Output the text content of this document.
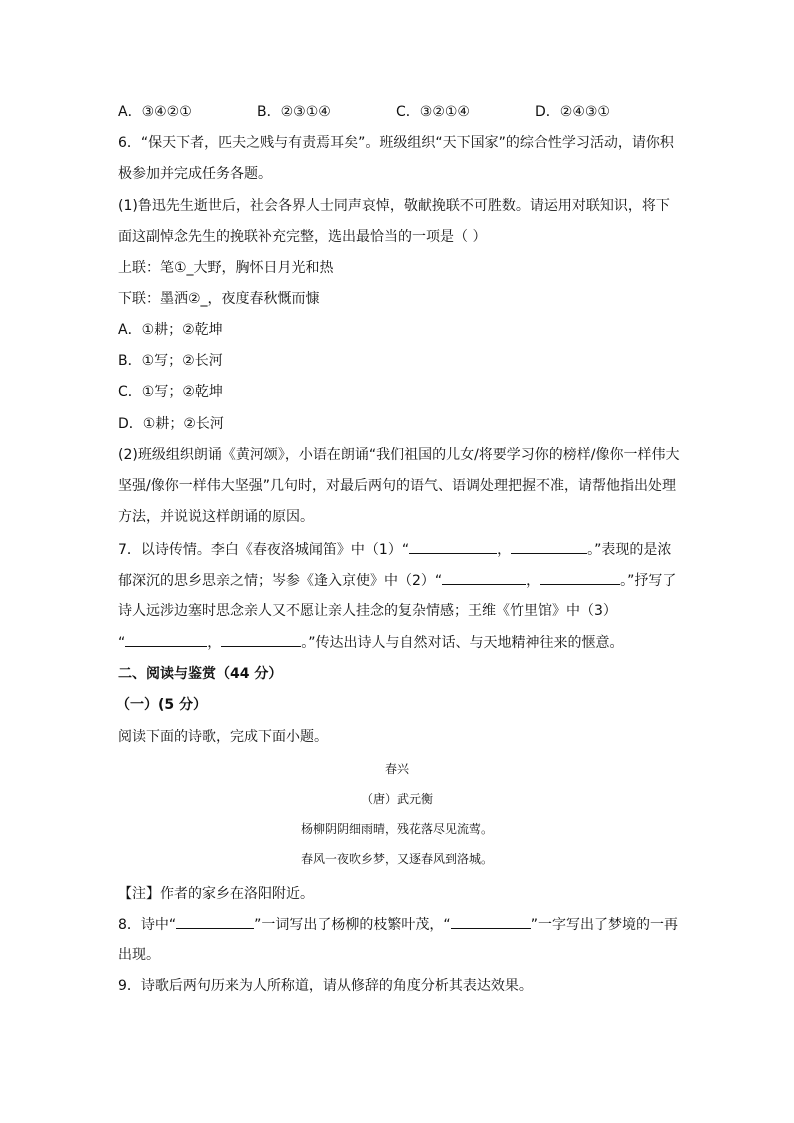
A．③④②①	B．②③①④	C．③②①④	D．②④③①
6．“保天下者，匹夫之贱与有责焉耳矣”。班级组织“天下国家”的综合性学习活动，请你积
极参加并完成任务各题。
(1)鲁迅先生逝世后，社会各界人士同声哀悼，敬献挽联不可胜数。请运用对联知识，将下
面这副悼念先生的挽联补充完整，选出最恰当的一项是（ ）
上联：笔①_大野，胸怀日月光和热
下联：墨洒②_，夜度春秋慨而慷
A．①耕；②乾坤
B．①写；②长河
C．①写；②乾坤
D．①耕；②长河
(2)班级组织朗诵《黄河颂》，小语在朗诵“我们祖国的儿女/将要学习你的榜样/像你一样伟大
坚强/像你一样伟大坚强”几句时，对最后两句的语气、语调处理把握不准，请帮他指出处理
方法，并说说这样朗诵的原因。
7．以诗传情。李白《春夜洛城闻笛》中（1）“	，	。”表现的是浓
郁深沉的思乡思亲之情；岑参《逢入京使》中（2）“	，	。”抒写了
诗人远涉边塞时思念亲人又不愿让亲人挂念的复杂情感；王维《竹里馆》中（3）
“	，	。”传达出诗人与自然对话、与天地精神往来的惬意。
二、阅读与鉴赏（44 分）
（一）(5 分）
阅读下面的诗歌，完成下面小题。
春兴
（唐）武元衡
杨柳阴阴细雨晴，残花落尽见流莺。
春风一夜吹乡梦，又逐春风到洛城。
【注】作者的家乡在洛阳附近。
8．诗中“	”一词写出了杨柳的枝繁叶茂，“	”一字写出了梦境的一再
出现。
9．诗歌后两句历来为人所称道，请从修辞的角度分析其表达效果。
